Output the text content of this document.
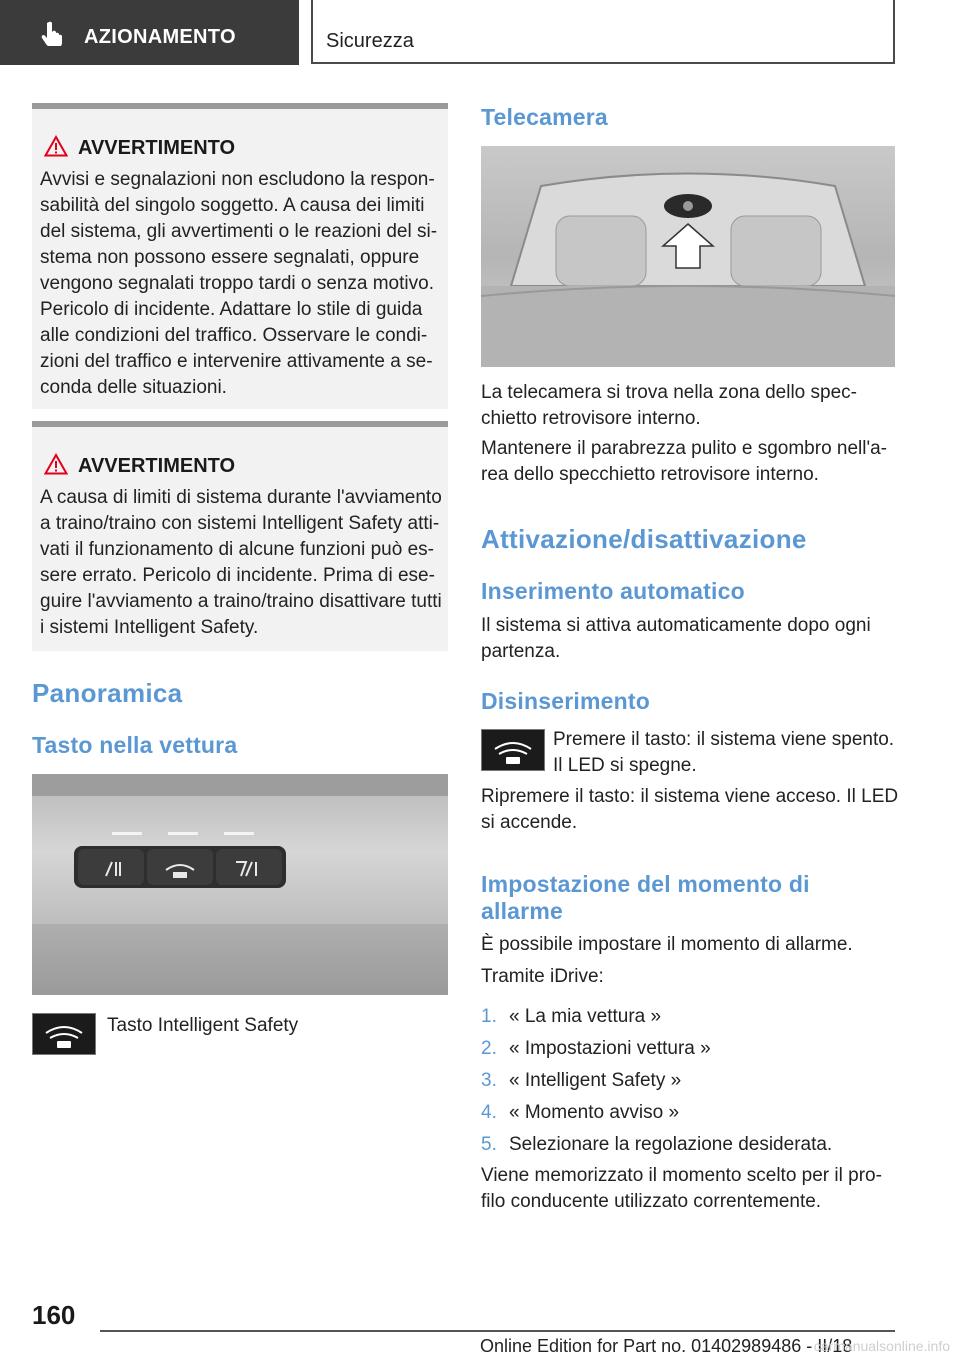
AZIONAMENTO	Sicurezza
AVVERTIMENTO
Avvisi e segnalazioni non escludono la respon-
sabilità del singolo soggetto. A causa dei limiti
del sistema, gli avvertimenti o le reazioni del si-
stema non possono essere segnalati, oppure
vengono segnalati troppo tardi o senza motivo.
Pericolo di incidente. Adattare lo stile di guida
alle condizioni del traffico. Osservare le condi-
zioni del traffico e intervenire attivamente a se-
conda delle situazioni.
AVVERTIMENTO
A causa di limiti di sistema durante l'avviamento
a traino/traino con sistemi Intelligent Safety atti-
vati il funzionamento di alcune funzioni può es-
sere errato. Pericolo di incidente. Prima di ese-
guire l'avviamento a traino/traino disattivare tutti
i sistemi Intelligent Safety.
Panoramica
Tasto nella vettura
Tasto Intelligent Safety
Telecamera
La telecamera si trova nella zona dello spec-
chietto retrovisore interno.
Mantenere il parabrezza pulito e sgombro nell'a-
rea dello specchietto retrovisore interno.
Attivazione/disattivazione
Inserimento automatico
Il sistema si attiva automaticamente dopo ogni
partenza.
Disinserimento
Premere il tasto: il sistema viene spento.
Il LED si spegne.
Ripremere il tasto: il sistema viene acceso. Il LED
si accende.
Impostazione del momento di
allarme
È possibile impostare il momento di allarme.
Tramite iDrive:
1. « La mia vettura »
2. « Impostazioni vettura »
3. « Intelligent Safety »
4. « Momento avviso »
5. Selezionare la regolazione desiderata.
Viene memorizzato il momento scelto per il pro-
filo conducente utilizzato correntemente.
160
Online Edition for Part no. 01402989486 - II/18
carmanualsonline.info
